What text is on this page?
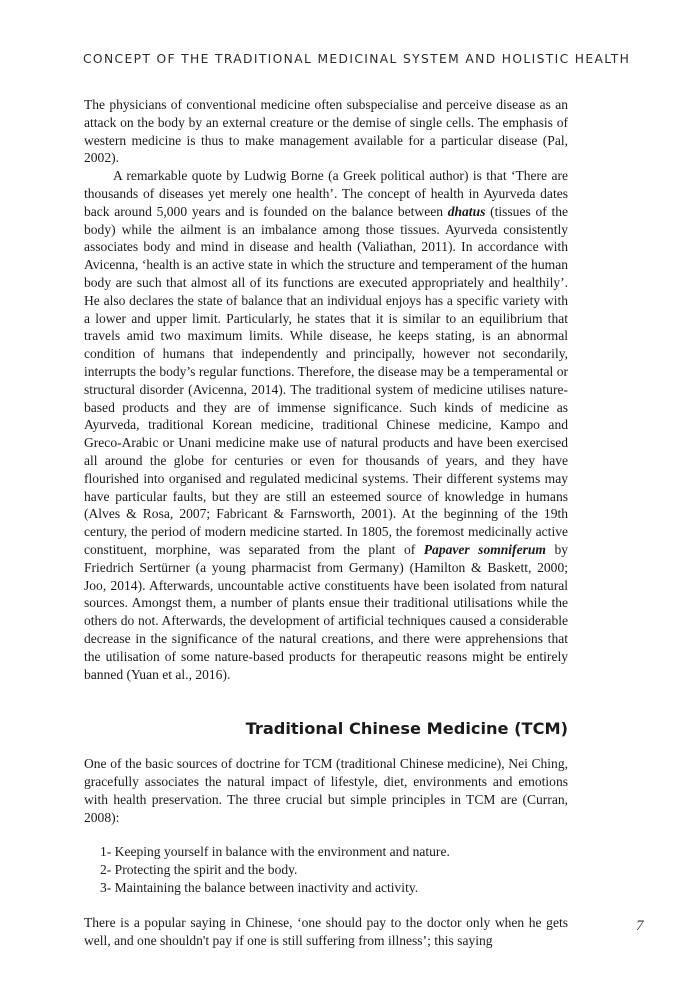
CONCEPT OF THE TRADITIONAL MEDICINAL SYSTEM AND HOLISTIC HEALTH

The physicians of conventional medicine often subspecialise and perceive disease as an attack on the body by an external creature or the demise of single cells. The emphasis of western medicine is thus to make management available for a particular disease (Pal, 2002).

A remarkable quote by Ludwig Borne (a Greek political author) is that ‘There are thousands of diseases yet merely one health’. The concept of health in Ayurveda dates back around 5,000 years and is founded on the balance between dhatus (tissues of the body) while the ailment is an imbalance among those tissues. Ayurveda consistently associates body and mind in disease and health (Valiathan, 2011). In accordance with Avicenna, ‘health is an active state in which the structure and temperament of the human body are such that almost all of its functions are executed appropriately and healthily’. He also declares the state of balance that an individual enjoys has a specific variety with a lower and upper limit. Particularly, he states that it is similar to an equilibrium that travels amid two maximum limits. While disease, he keeps stating, is an abnormal condition of humans that independently and principally, however not secondarily, interrupts the body’s regular functions. Therefore, the disease may be a temperamental or structural disorder (Avicenna, 2014). The traditional system of medicine utilises nature-based products and they are of immense significance. Such kinds of medicine as Ayurveda, traditional Korean medicine, traditional Chinese medicine, Kampo and Greco-Arabic or Unani medicine make use of natural products and have been exercised all around the globe for centuries or even for thousands of years, and they have flourished into organised and regulated medicinal systems. Their different systems may have particular faults, but they are still an esteemed source of knowledge in humans (Alves & Rosa, 2007; Fabricant & Farnsworth, 2001). At the beginning of the 19th century, the period of modern medicine started. In 1805, the foremost medicinally active constituent, morphine, was separated from the plant of Papaver somniferum by Friedrich Sertürner (a young pharmacist from Germany) (Hamilton & Baskett, 2000; Joo, 2014). Afterwards, uncountable active constituents have been isolated from natural sources. Amongst them, a number of plants ensue their traditional utilisations while the others do not. Afterwards, the development of artificial techniques caused a considerable decrease in the significance of the natural creations, and there were apprehensions that the utilisation of some nature-based products for therapeutic reasons might be entirely banned (Yuan et al., 2016).

Traditional Chinese Medicine (TCM)

One of the basic sources of doctrine for TCM (traditional Chinese medicine), Nei Ching, gracefully associates the natural impact of lifestyle, diet, environments and emotions with health preservation. The three crucial but simple principles in TCM are (Curran, 2008):

1- Keeping yourself in balance with the environment and nature.
2- Protecting the spirit and the body.
3- Maintaining the balance between inactivity and activity.

There is a popular saying in Chinese, ‘one should pay to the doctor only when he gets well, and one shouldn't pay if one is still suffering from illness’; this saying

7
